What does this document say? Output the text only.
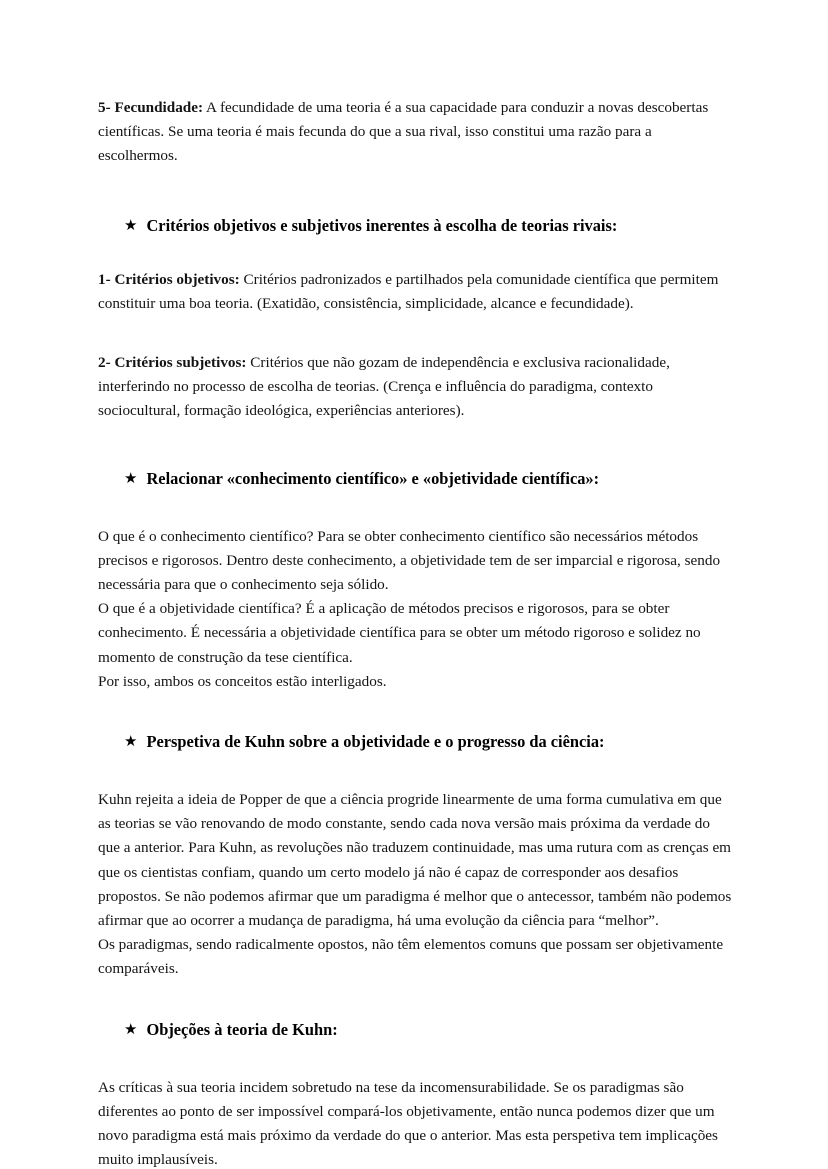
5- Fecundidade: A fecundidade de uma teoria é a sua capacidade para conduzir a novas descobertas científicas. Se uma teoria é mais fecunda do que a sua rival, isso constitui uma razão para a escolhermos.

★ Critérios objetivos e subjetivos inerentes à escolha de teorias rivais:

1- Critérios objetivos: Critérios padronizados e partilhados pela comunidade científica que permitem constituir uma boa teoria. (Exatidão, consistência, simplicidade, alcance e fecundidade).

2- Critérios subjetivos: Critérios que não gozam de independência e exclusiva racionalidade, interferindo no processo de escolha de teorias. (Crença e influência do paradigma, contexto sociocultural, formação ideológica, experiências anteriores).

★ Relacionar «conhecimento científico» e «objetividade científica»:

O que é o conhecimento científico? Para se obter conhecimento científico são necessários métodos precisos e rigorosos. Dentro deste conhecimento, a objetividade tem de ser imparcial e rigorosa, sendo necessária para que o conhecimento seja sólido.

O que é a objetividade científica? É a aplicação de métodos precisos e rigorosos, para se obter conhecimento. É necessária a objetividade científica para se obter um método rigoroso e solidez no momento de construção da tese científica.

Por isso, ambos os conceitos estão interligados.

★ Perspetiva de Kuhn sobre a objetividade e o progresso da ciência:

Kuhn rejeita a ideia de Popper de que a ciência progride linearmente de uma forma cumulativa em que as teorias se vão renovando de modo constante, sendo cada nova versão mais próxima da verdade do que a anterior. Para Kuhn, as revoluções não traduzem continuidade, mas uma rutura com as crenças em que os cientistas confiam, quando um certo modelo já não é capaz de corresponder aos desafios propostos. Se não podemos afirmar que um paradigma é melhor que o antecessor, também não podemos afirmar que ao ocorrer a mudança de paradigma, há uma evolução da ciência para “melhor”.

Os paradigmas, sendo radicalmente opostos, não têm elementos comuns que possam ser objetivamente comparáveis.

★ Objeções à teoria de Kuhn:

As críticas à sua teoria incidem sobretudo na tese da incomensurabilidade. Se os paradigmas são diferentes ao ponto de ser impossível compará-los objetivamente, então nunca podemos dizer que um novo paradigma está mais próximo da verdade do que o anterior. Mas esta perspetiva tem implicações muito implausíveis.
